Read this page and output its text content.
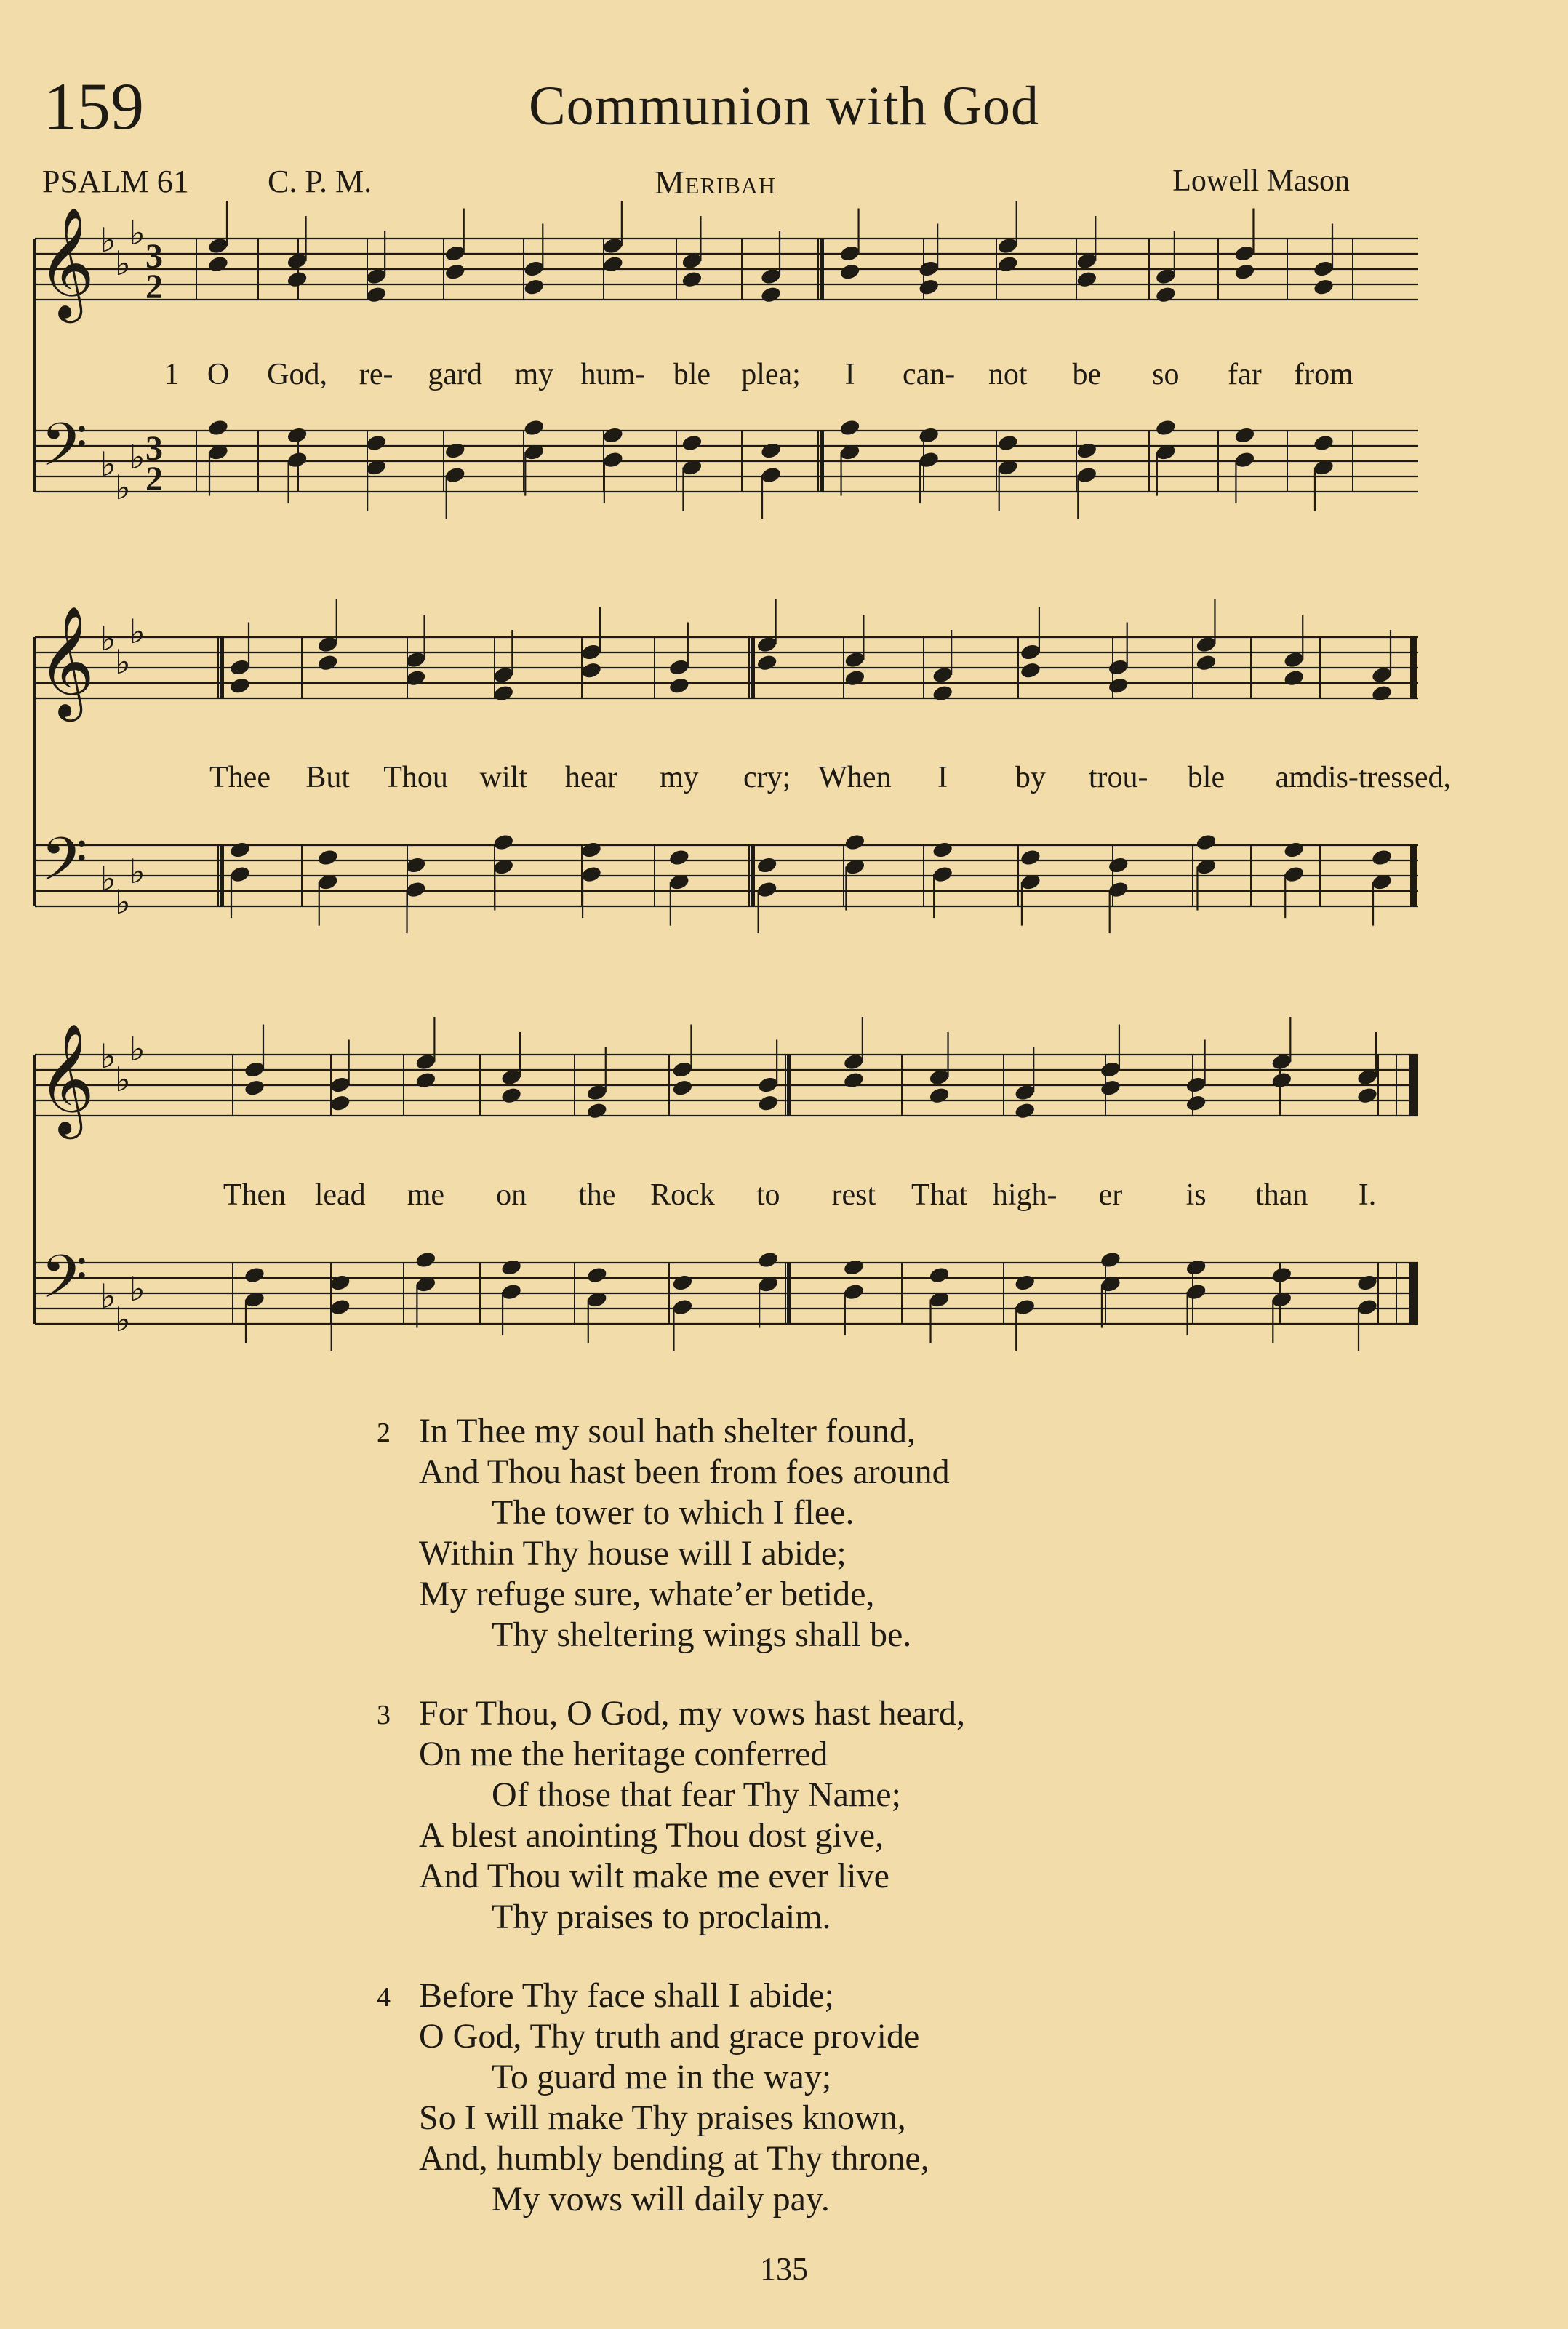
159	Communion with God
PSALM 61 C. P. M.	Meribah	Lowell Mason
𝄞
𝄢
♭
♭
♭
♭
♭
♭
3
3
2
2
O God, re- gard my hum- ble plea; I can- not be so far from
1
𝄞
𝄢
♭
♭
♭
♭
♭
♭
Thee But Thou wilt hear my cry; When I by trou- ble am dis-tressed,
𝄞
𝄢
♭
♭
♭
♭
♭
♭
Then lead me on the Rock to rest That high- er is than I.
2 In Thee my soul hath shelter found,
And Thou hast been from foes around
The tower to which I flee.
Within Thy house will I abide;
My refuge sure, whate’er betide,
Thy sheltering wings shall be.
3 For Thou, O God, my vows hast heard,
On me the heritage conferred
Of those that fear Thy Name;
A blest anointing Thou dost give,
And Thou wilt make me ever live
Thy praises to proclaim.
4 Before Thy face shall I abide;
O God, Thy truth and grace provide
To guard me in the way;
So I will make Thy praises known,
And, humbly bending at Thy throne,
My vows will daily pay.
135
